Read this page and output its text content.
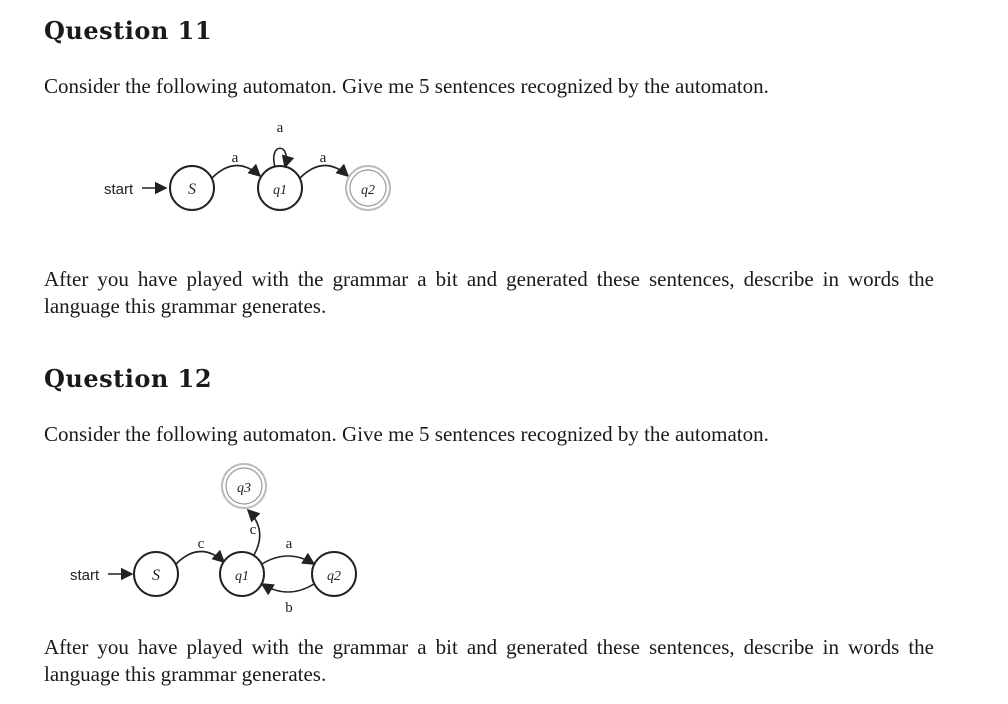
Question 11

Consider the following automaton. Give me 5 sentences recognized by the automaton.

start	S
a
q1
a
a
q2

After you have played with the grammar a bit and generated these sentences, describe in words the language this grammar generates.

Question 12

Consider the following automaton. Give me 5 sentences recognized by the automaton.

start	S
c
q1
c
q3
a
q2
b

After you have played with the grammar a bit and generated these sentences, describe in words the language this grammar generates.
